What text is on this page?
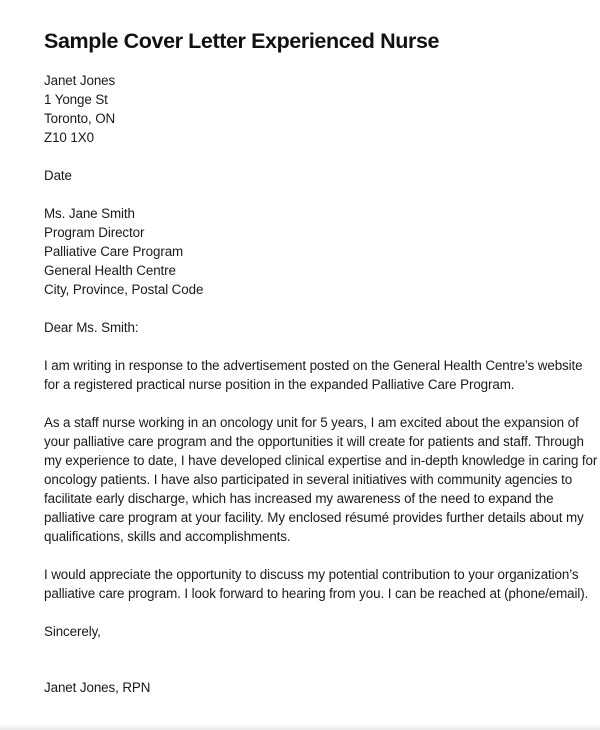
Sample Cover Letter Experienced Nurse
Janet Jones
1 Yonge St
Toronto, ON
Z10 1X0
Date
Ms. Jane Smith
Program Director
Palliative Care Program
General Health Centre
City, Province, Postal Code
Dear Ms. Smith:
I am writing in response to the advertisement posted on the General Health Centre’s website
for a registered practical nurse position in the expanded Palliative Care Program.
As a staff nurse working in an oncology unit for 5 years, I am excited about the expansion of
your palliative care program and the opportunities it will create for patients and staff. Through
my experience to date, I have developed clinical expertise and in-depth knowledge in caring for
oncology patients. I have also participated in several initiatives with community agencies to
facilitate early discharge, which has increased my awareness of the need to expand the
palliative care program at your facility. My enclosed résumé provides further details about my
qualifications, skills and accomplishments.
I would appreciate the opportunity to discuss my potential contribution to your organization’s
palliative care program. I look forward to hearing from you. I can be reached at (phone/email).
Sincerely,
Janet Jones, RPN
